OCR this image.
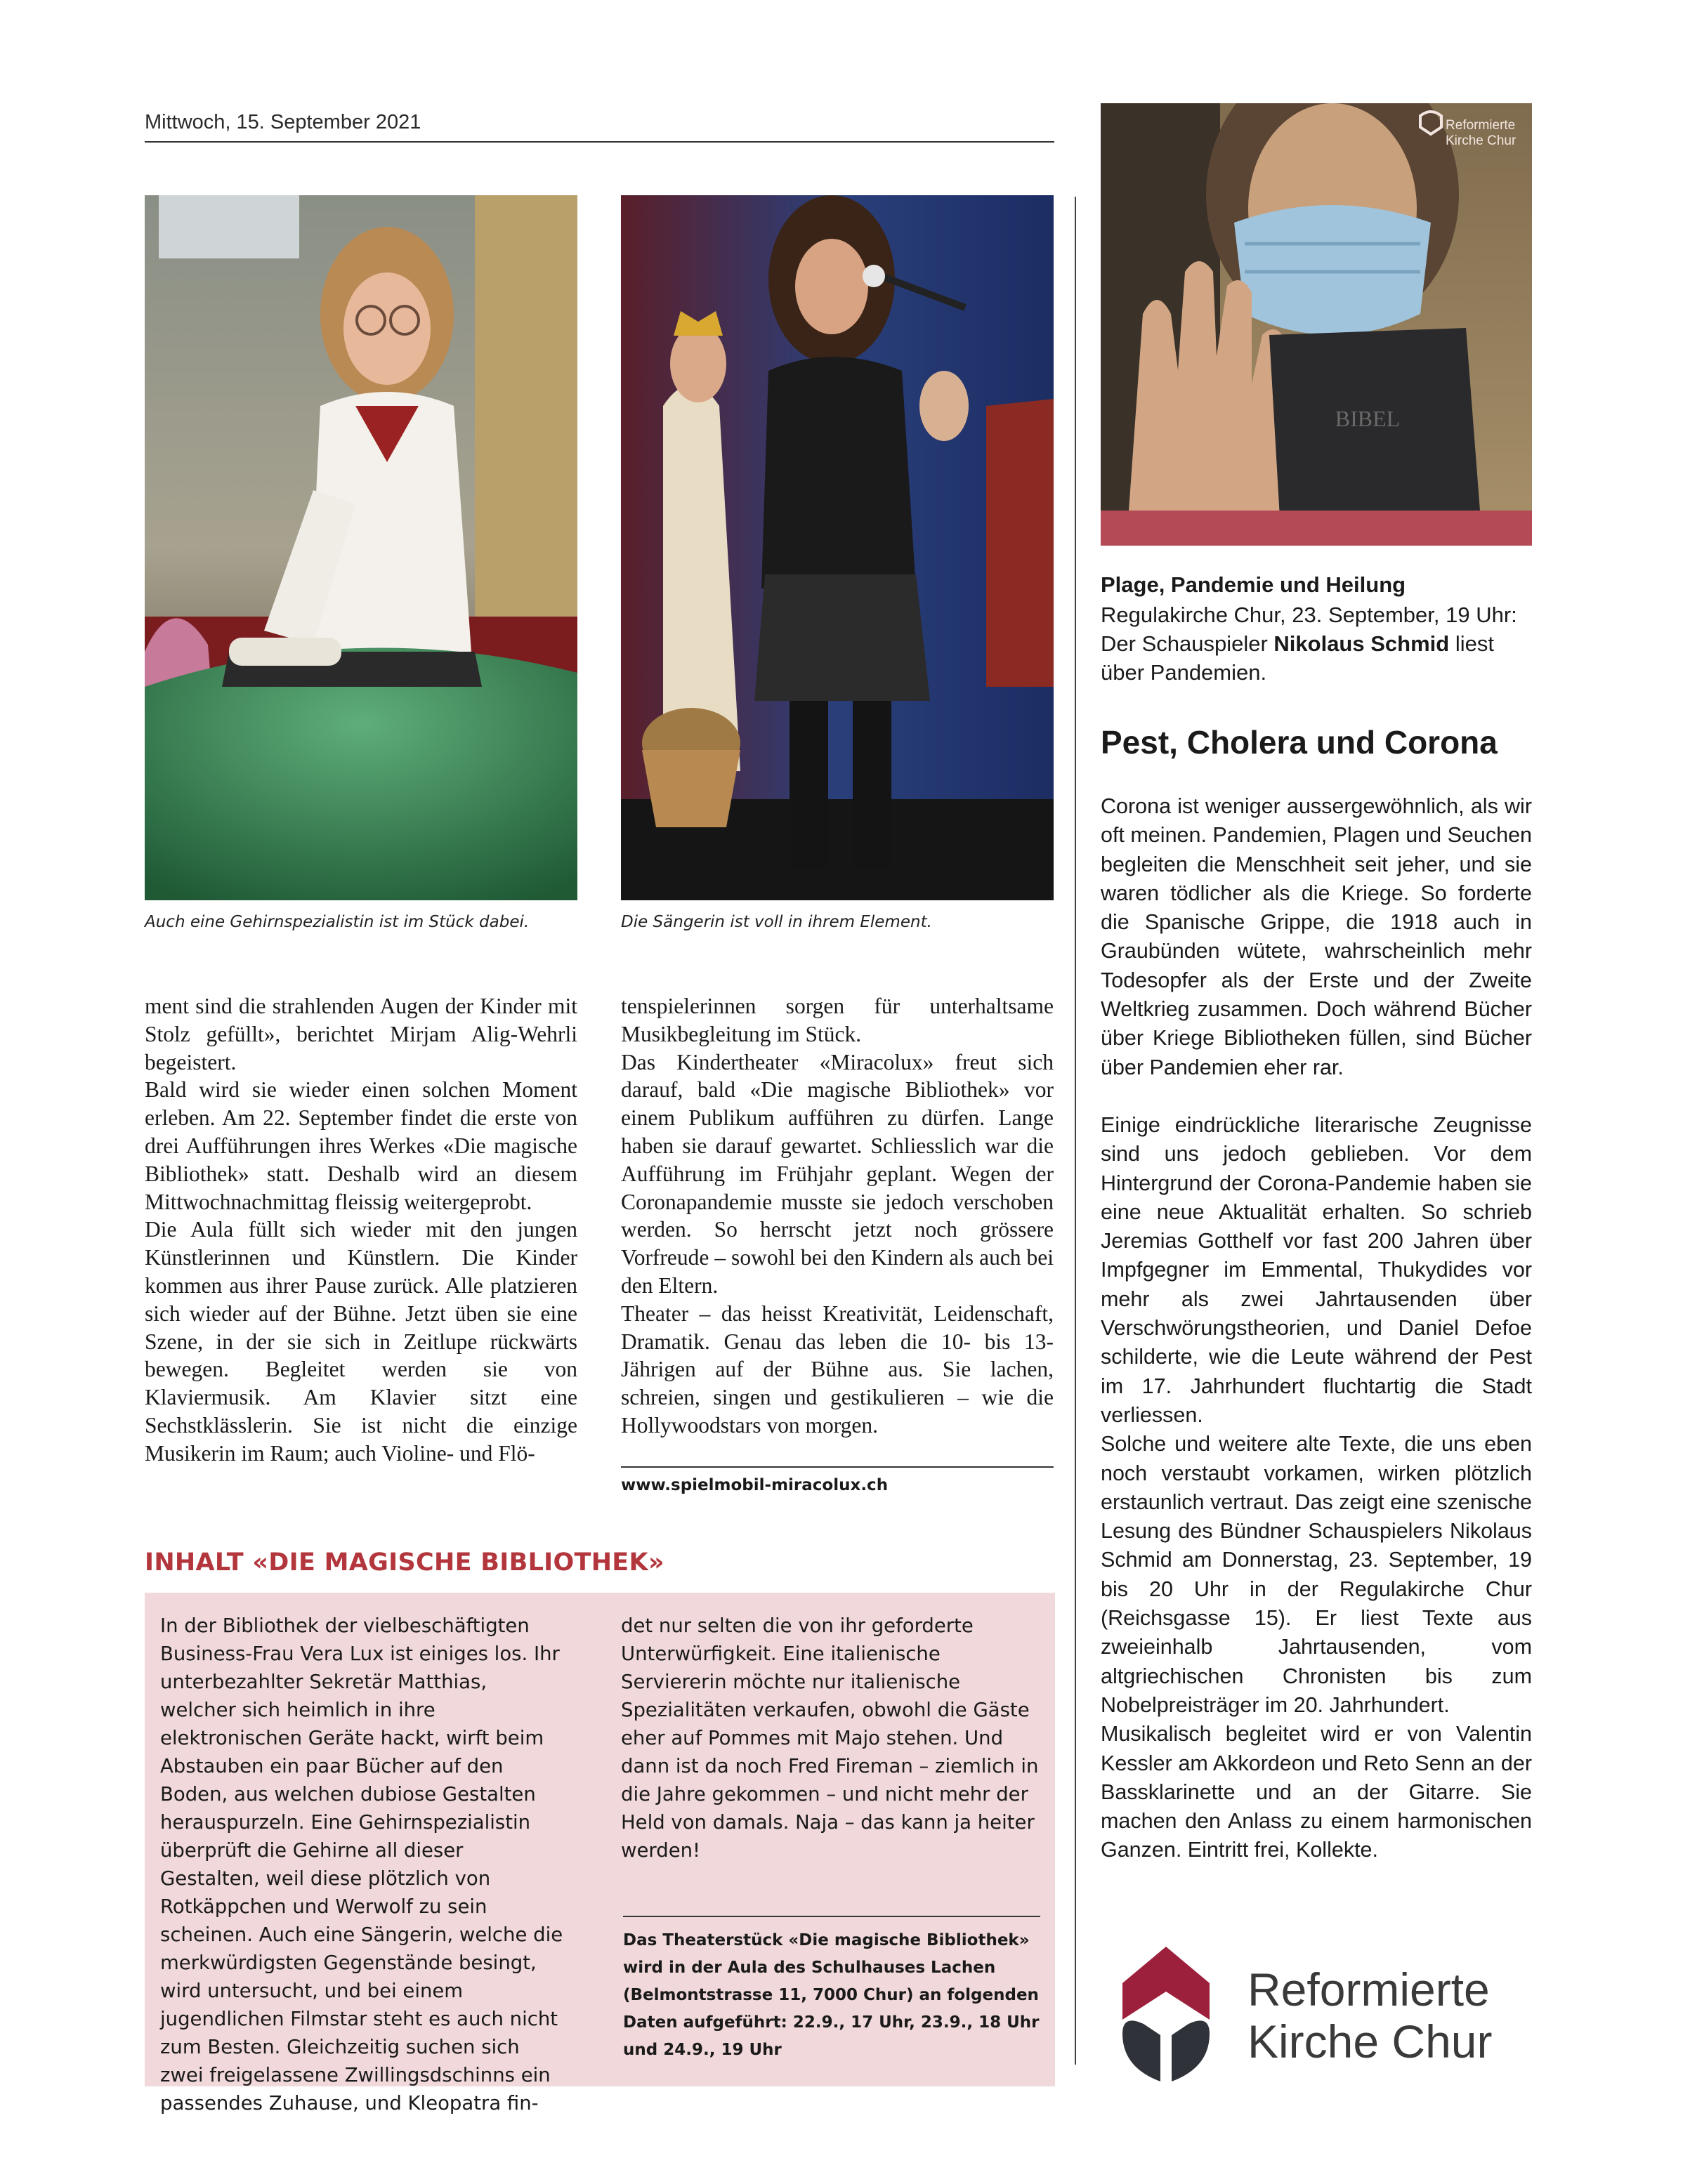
Mittwoch, 15. September 2021
Auch eine Gehirnspezialistin ist im Stück dabei.	Die Sängerin ist voll in ihrem Element.

ment sind die strahlenden Augen der Kinder mit Stolz gefüllt», berichtet Mirjam Alig-Wehrli begeistert.

Bald wird sie wieder einen solchen Moment erleben. Am 22. September findet die erste von drei Aufführungen ihres Werkes «Die magische Bibliothek» statt. Deshalb wird an diesem Mittwochnachmittag fleissig weitergeprobt.

Die Aula füllt sich wieder mit den jungen Künstlerinnen und Künstlern. Die Kinder kommen aus ihrer Pause zurück. Alle platzieren sich wieder auf der Bühne. Jetzt üben sie eine Szene, in der sie sich in Zeitlupe rückwärts bewegen. Begleitet werden sie von Klaviermusik. Am Klavier sitzt eine Sechstklässlerin. Sie ist nicht die einzige Musikerin im Raum; auch Violine- und Flö-

tenspielerinnen sorgen für unterhaltsame Musikbegleitung im Stück.

Das Kindertheater «Miracolux» freut sich darauf, bald «Die magische Bibliothek» vor einem Publikum aufführen zu dürfen. Lange haben sie darauf gewartet. Schliesslich war die Aufführung im Frühjahr geplant. Wegen der Coronapandemie musste sie jedoch verschoben werden. So herrscht jetzt noch grössere Vorfreude – sowohl bei den Kindern als auch bei den Eltern.

Theater – das heisst Kreativität, Leidenschaft, Dramatik. Genau das leben die 10- bis 13-Jährigen auf der Bühne aus. Sie lachen, schreien, singen und gestikulieren – wie die Hollywoodstars von morgen.

www.spielmobil-miracolux.ch
INHALT «DIE MAGISCHE BIBLIOTHEK»

In der Bibliothek der vielbeschäftigten Business-Frau Vera Lux ist einiges los. Ihr unterbezahlter Sekretär Matthias, welcher sich heimlich in ihre elektronischen Geräte hackt, wirft beim Abstauben ein paar Bücher auf den Boden, aus welchen dubiose Gestalten herauspurzeln. Eine Gehirnspezialistin überprüft die Gehirne all dieser Gestalten, weil diese plötzlich von Rotkäppchen und Werwolf zu sein scheinen. Auch eine Sängerin, welche die merkwürdigsten Gegenstände besingt, wird untersucht, und bei einem jugendlichen Filmstar steht es auch nicht zum Besten. Gleichzeitig suchen sich zwei freigelassene Zwillingsdschinns ein passendes Zuhause, und Kleopatra fin-

det nur selten die von ihr geforderte Unterwürfigkeit. Eine italienische Serviererin möchte nur italienische Spezialitäten verkaufen, obwohl die Gäste eher auf Pommes mit Majo stehen. Und dann ist da noch Fred Fireman – ziemlich in die Jahre gekommen – und nicht mehr der Held von damals. Naja – das kann ja heiter werden!

Das Theaterstück «Die magische Bibliothek» wird in der Aula des Schulhauses Lachen (Belmontstrasse 11, 7000 Chur) an folgenden Daten aufgeführt: 22.9., 17 Uhr, 23.9., 18 Uhr und 24.9., 19 Uhr
BIBEL
Reformierte Kirche Chur
Plage, Pandemie und Heilung
Regulakirche Chur, 23. September, 19 Uhr: Der Schauspieler Nikolaus Schmid liest über Pandemien.
Pest, Cholera und Corona

Corona ist weniger aussergewöhnlich, als wir oft meinen. Pandemien, Plagen und Seuchen begleiten die Menschheit seit jeher, und sie waren tödlicher als die Kriege. So forderte die Spanische Grippe, die 1918 auch in Graubünden wütete, wahrscheinlich mehr Todesopfer als der Erste und der Zweite Weltkrieg zusammen. Doch während Bücher über Kriege Bibliotheken füllen, sind Bücher über Pandemien eher rar.

Einige eindrückliche literarische Zeugnisse sind uns jedoch geblieben. Vor dem Hintergrund der Corona-Pandemie haben sie eine neue Aktualität erhalten. So schrieb Jeremias Gotthelf vor fast 200 Jahren über Impfgegner im Emmental, Thukydides vor mehr als zwei Jahrtausenden über Verschwörungstheorien, und Daniel Defoe schilderte, wie die Leute während der Pest im 17. Jahrhundert fluchtartig die Stadt verliessen.

Solche und weitere alte Texte, die uns eben noch verstaubt vorkamen, wirken plötzlich erstaunlich vertraut. Das zeigt eine szenische Lesung des Bündner Schauspielers Nikolaus Schmid am Donnerstag, 23. September, 19 bis 20 Uhr in der Regulakirche Chur (Reichsgasse 15). Er liest Texte aus zweieinhalb Jahrtausenden, vom altgriechischen Chronisten bis zum Nobelpreisträger im 20. Jahrhundert.

Musikalisch begleitet wird er von Valentin Kessler am Akkordeon und Reto Senn an der Bassklarinette und an der Gitarre. Sie machen den Anlass zu einem harmonischen Ganzen. Eintritt frei, Kollekte.

Reformierte
Kirche Chur
